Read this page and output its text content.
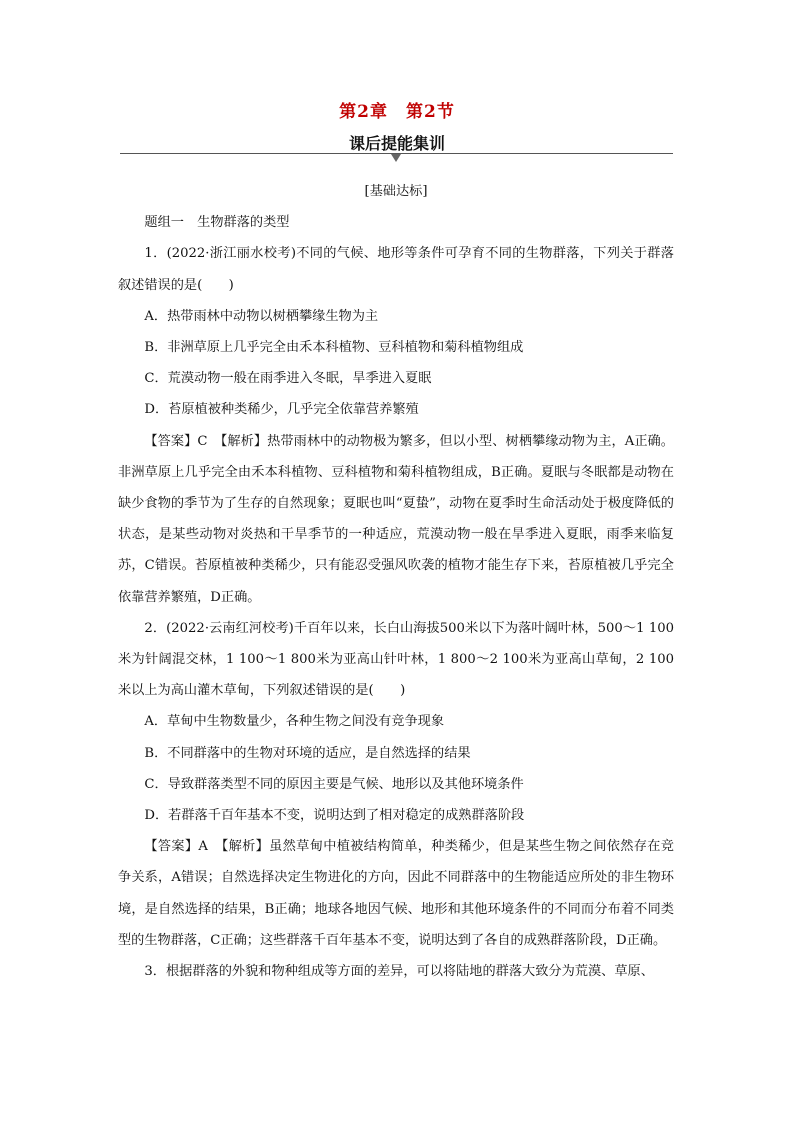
第2章　第2节
课后提能集训

[基础达标]

题组一　生物群落的类型

1．(2022·浙江丽水校考)不同的气候、地形等条件可孕育不同的生物群落，下列关于群落叙述错误的是(　　)

A．热带雨林中动物以树栖攀缘生物为主

B．非洲草原上几乎完全由禾本科植物、豆科植物和菊科植物组成

C．荒漠动物一般在雨季进入冬眠，旱季进入夏眠

D．苔原植被种类稀少，几乎完全依靠营养繁殖

【答案】C　【解析】热带雨林中的动物极为繁多，但以小型、树栖攀缘动物为主，A正确。非洲草原上几乎完全由禾本科植物、豆科植物和菊科植物组成，B正确。夏眠与冬眠都是动物在缺少食物的季节为了生存的自然现象；夏眠也叫“夏蛰”，动物在夏季时生命活动处于极度降低的状态，是某些动物对炎热和干旱季节的一种适应，荒漠动物一般在旱季进入夏眠，雨季来临复苏，C错误。苔原植被种类稀少，只有能忍受强风吹袭的植物才能生存下来，苔原植被几乎完全依靠营养繁殖，D正确。

2．(2022·云南红河校考)千百年以来，长白山海拔500米以下为落叶阔叶林，500～1 100米为针阔混交林，1 100～1 800米为亚高山针叶林，1 800～2 100米为亚高山草甸，2 100米以上为高山灌木草甸，下列叙述错误的是(　　)

A．草甸中生物数量少，各种生物之间没有竞争现象

B．不同群落中的生物对环境的适应，是自然选择的结果

C．导致群落类型不同的原因主要是气候、地形以及其他环境条件

D．若群落千百年基本不变，说明达到了相对稳定的成熟群落阶段

【答案】A　【解析】虽然草甸中植被结构简单，种类稀少，但是某些生物之间依然存在竞争关系，A错误；自然选择决定生物进化的方向，因此不同群落中的生物能适应所处的非生物环境，是自然选择的结果，B正确；地球各地因气候、地形和其他环境条件的不同而分布着不同类型的生物群落，C正确；这些群落千百年基本不变，说明达到了各自的成熟群落阶段，D正确。

3．根据群落的外貌和物种组成等方面的差异，可以将陆地的群落大致分为荒漠、草原、
